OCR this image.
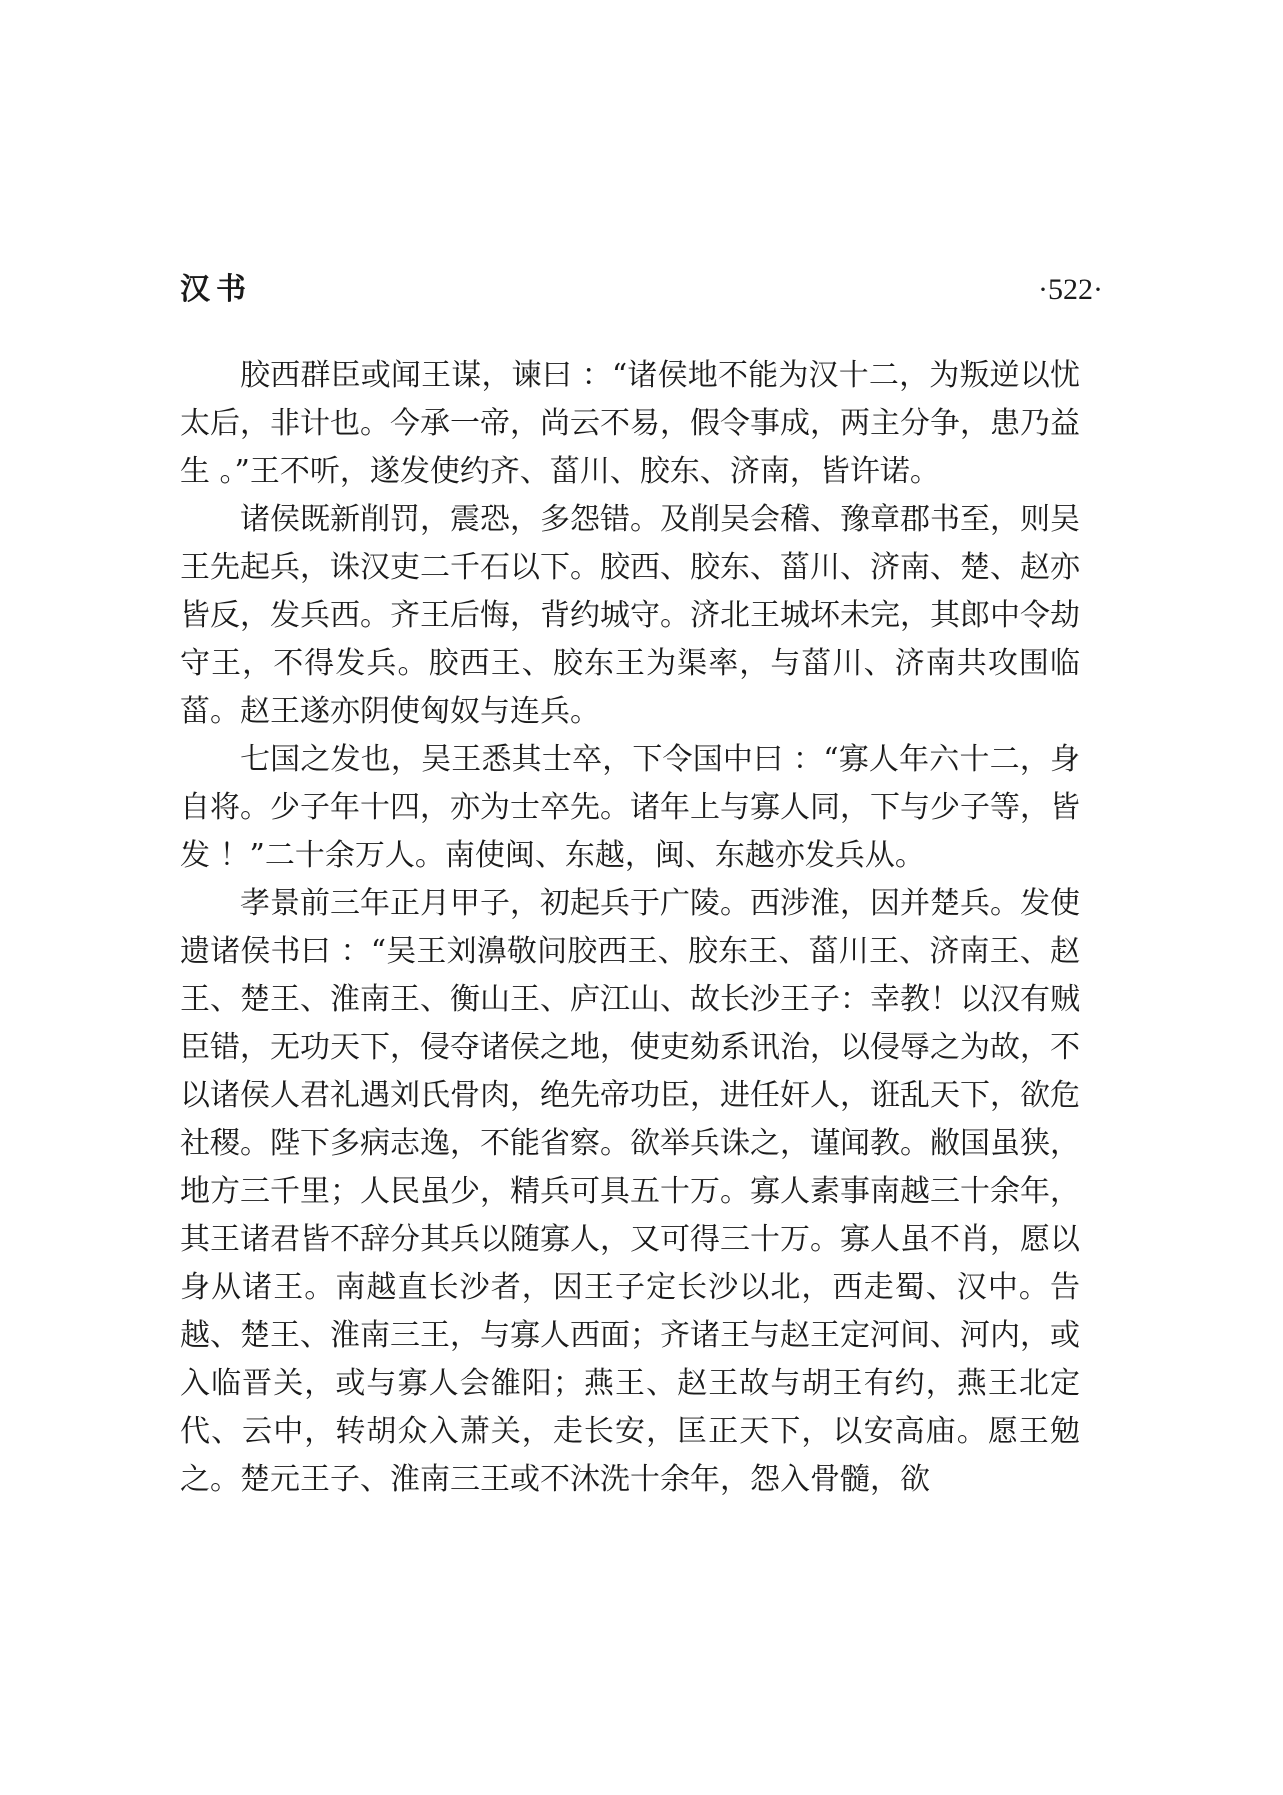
汉书	·522·

胶西群臣或闻王谋，谏曰 ：“诸侯地不能为汉十二，为叛逆以忧太后，非计也。今承一帝，尚云不易，假令事成，两主分争，患乃益生 。”王不听，遂发使约齐、菑川、胶东、济南，皆许诺。

诸侯既新削罚，震恐，多怨错。及削吴会稽、豫章郡书至，则吴王先起兵，诛汉吏二千石以下。胶西、胶东、菑川、济南、楚、赵亦皆反，发兵西。齐王后悔，背约城守。济北王城坏未完，其郎中令劫守王，不得发兵。胶西王、胶东王为渠率，与菑川、济南共攻围临菑。赵王遂亦阴使匈奴与连兵。

七国之发也，吴王悉其士卒，下令国中曰 ：“寡人年六十二，身自将。少子年十四，亦为士卒先。诸年上与寡人同，下与少子等，皆发 ！”二十余万人。南使闽、东越，闽、东越亦发兵从。

孝景前三年正月甲子，初起兵于广陵。西涉淮，因并楚兵。发使遗诸侯书曰 ：“吴王刘濞敬问胶西王、胶东王、菑川王、济南王、赵王、楚王、淮南王、衡山王、庐江山、故长沙王子：幸教！以汉有贼臣错，无功天下，侵夺诸侯之地，使吏劾系讯治，以侵辱之为故，不以诸侯人君礼遇刘氏骨肉，绝先帝功臣，进任奸人，诳乱天下，欲危社稷。陛下多病志逸，不能省察。欲举兵诛之，谨闻教。敝国虽狭，地方三千里；人民虽少，精兵可具五十万。寡人素事南越三十余年，其王诸君皆不辞分其兵以随寡人，又可得三十万。寡人虽不肖，愿以身从诸王。南越直长沙者，因王子定长沙以北，西走蜀、汉中。告越、楚王、淮南三王，与寡人西面；齐诸王与赵王定河间、河内，或入临晋关，或与寡人会雒阳；燕王、赵王故与胡王有约，燕王北定代、云中，转胡众入萧关，走长安，匡正天下，以安高庙。愿王勉之。楚元王子、淮南三王或不沐洗十余年，怨入骨髓，欲
